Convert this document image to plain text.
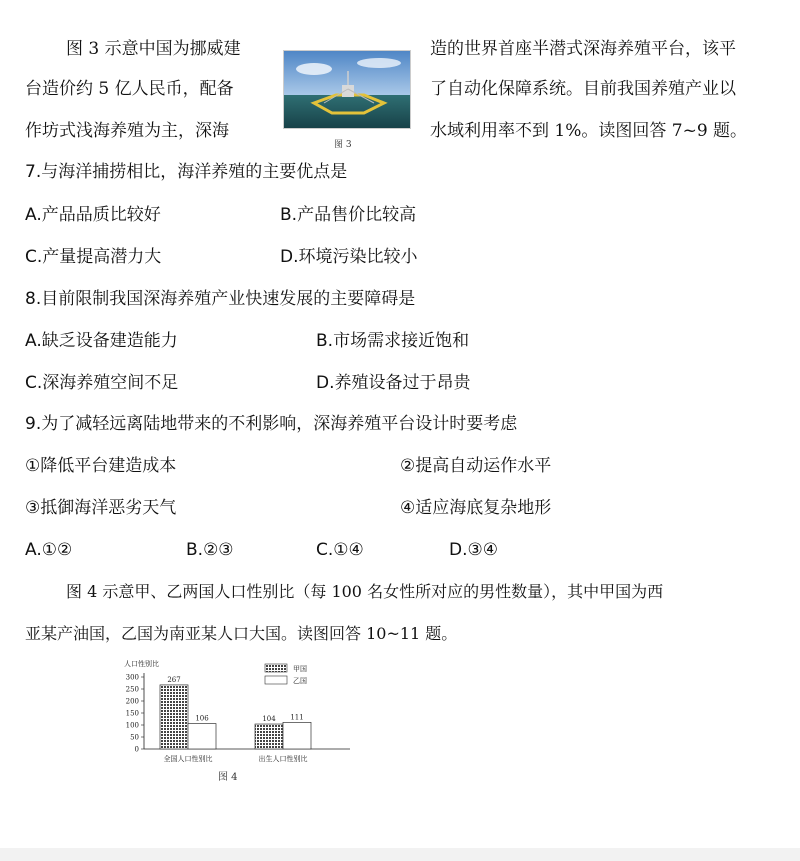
图 3 示意中国为挪威建	造的世界首座半潜式深海养殖平台，该平
台造价约 5 亿人民币，配备	了自动化保障系统。目前我国养殖产业以
作坊式浅海养殖为主，深海	水域利用率不到 1%。读图回答 7~9 题。
图 3
7.与海洋捕捞相比，海洋养殖的主要优点是
A.产品品质比较好	B.产品售价比较高
C.产量提高潜力大	D.环境污染比较小
8.目前限制我国深海养殖产业快速发展的主要障碍是
A.缺乏设备建造能力	B.市场需求接近饱和
C.深海养殖空间不足	D.养殖设备过于昂贵
9.为了减轻远离陆地带来的不利影响，深海养殖平台设计时要考虑
①降低平台建造成本	②提高自动运作水平
③抵御海洋恶劣天气	④适应海底复杂地形
A.①②	B.②③	C.①④	D.③④
图 4 示意甲、乙两国人口性别比（每 100 名女性所对应的男性数量），其中甲国为西
亚某产油国，乙国为南亚某人口大国。读图回答 10~11 题。
人口性别比
0
50
100
150
200
250
300
甲国
乙国
267
106
全国人口性别比
104 111
出生人口性别比
图 4
